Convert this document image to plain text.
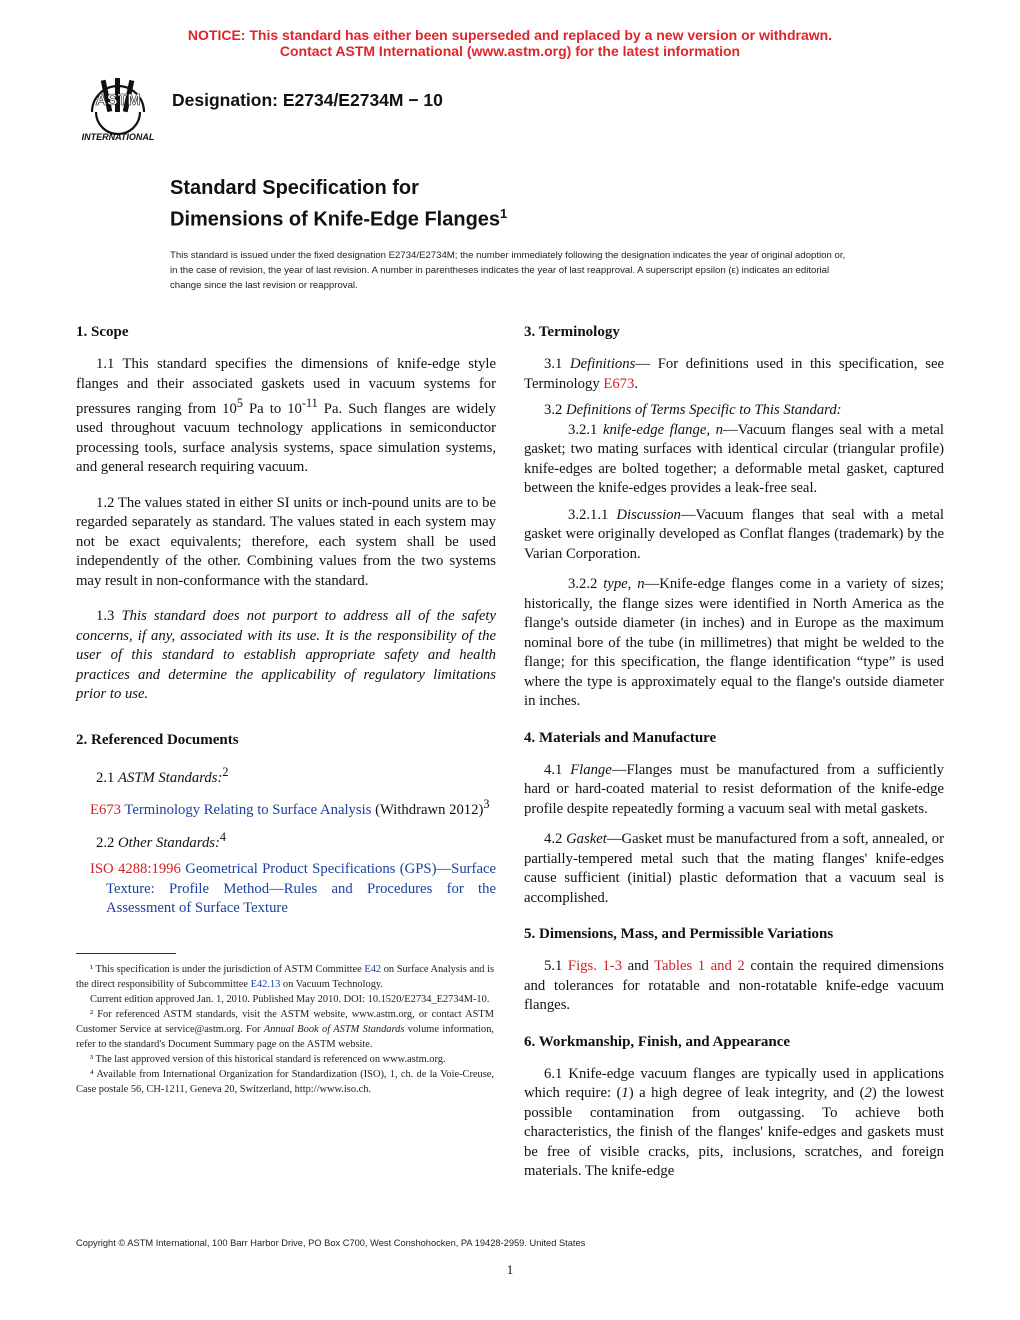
NOTICE: This standard has either been superseded and replaced by a new version or withdrawn.
Contact ASTM International (www.astm.org) for the latest information
ASTM
INTERNATIONAL
Designation: E2734/E2734M − 10
Standard Specification for
Dimensions of Knife-Edge Flanges$^1$
This standard is issued under the fixed designation E2734/E2734M; the number immediately following the designation indicates the year of original adoption or, in the case of revision, the year of last revision. A number in parentheses indicates the year of last reapproval. A superscript epsilon (ε) indicates an editorial change since the last revision or reapproval.
1. Scope

1.1 This standard specifies the dimensions of knife-edge style flanges and their associated gaskets used in vacuum systems for pressures ranging from $10^5$ Pa to $10^{-11}$ Pa. Such flanges are widely used throughout vacuum technology applications in semiconductor processing tools, surface analysis systems, space simulation systems, and general research requiring vacuum.

1.2 The values stated in either SI units or inch-pound units are to be regarded separately as standard. The values stated in each system may not be exact equivalents; therefore, each system shall be used independently of the other. Combining values from the two systems may result in non-conformance with the standard.

1.3 This standard does not purport to address all of the safety concerns, if any, associated with its use. It is the responsibility of the user of this standard to establish appropriate safety and health practices and determine the applicability of regulatory limitations prior to use.

2. Referenced Documents

2.1 ASTM Standards:$^2$

E673 Terminology Relating to Surface Analysis (Withdrawn 2012)$^3$

2.2 Other Standards:$^4$

ISO 4288:1996 Geometrical Product Specifications (GPS)—Surface Texture: Profile Method—Rules and Procedures for the Assessment of Surface Texture

¹ This specification is under the jurisdiction of ASTM Committee E42 on Surface Analysis and is the direct responsibility of Subcommittee E42.13 on Vacuum Technology.

Current edition approved Jan. 1, 2010. Published May 2010. DOI: 10.1520/E2734_E2734M-10.

² For referenced ASTM standards, visit the ASTM website, www.astm.org, or contact ASTM Customer Service at service@astm.org. For Annual Book of ASTM Standards volume information, refer to the standard's Document Summary page on the ASTM website.

³ The last approved version of this historical standard is referenced on www.astm.org.

⁴ Available from International Organization for Standardization (ISO), 1, ch. de la Voie-Creuse, Case postale 56, CH-1211, Geneva 20, Switzerland, http://www.iso.ch.

3. Terminology

3.1 Definitions— For definitions used in this specification, see Terminology E673.

3.2 Definitions of Terms Specific to This Standard:

3.2.1 knife-edge flange, n—Vacuum flanges seal with a metal gasket; two mating surfaces with identical circular (triangular profile) knife-edges are bolted together; a deformable metal gasket, captured between the knife-edges provides a leak-free seal.

3.2.1.1 Discussion—Vacuum flanges that seal with a metal gasket were originally developed as Conflat flanges (trademark) by the Varian Corporation.

3.2.2 type, n—Knife-edge flanges come in a variety of sizes; historically, the flange sizes were identified in North America as the flange's outside diameter (in inches) and in Europe as the maximum nominal bore of the tube (in millimetres) that might be welded to the flange; for this specification, the flange identification “type” is used where the type is approximately equal to the flange's outside diameter in inches.

4. Materials and Manufacture

4.1 Flange—Flanges must be manufactured from a sufficiently hard or hard-coated material to resist deformation of the knife-edge profile despite repeatedly forming a vacuum seal with metal gaskets.

4.2 Gasket—Gasket must be manufactured from a soft, annealed, or partially-tempered metal such that the mating flanges' knife-edges cause sufficient (initial) plastic deformation that a vacuum seal is accomplished.

5. Dimensions, Mass, and Permissible Variations

5.1 Figs. 1-3 and Tables 1 and 2 contain the required dimensions and tolerances for rotatable and non-rotatable knife-edge vacuum flanges.

6. Workmanship, Finish, and Appearance

6.1 Knife-edge vacuum flanges are typically used in applications which require: (1) a high degree of leak integrity, and (2) the lowest possible contamination from outgassing. To achieve both characteristics, the finish of the flanges' knife-edges and gaskets must be free of visible cracks, pits, inclusions, scratches, and foreign materials. The knife-edge

Copyright © ASTM International, 100 Barr Harbor Drive, PO Box C700, West Conshohocken, PA 19428-2959. United States
1
